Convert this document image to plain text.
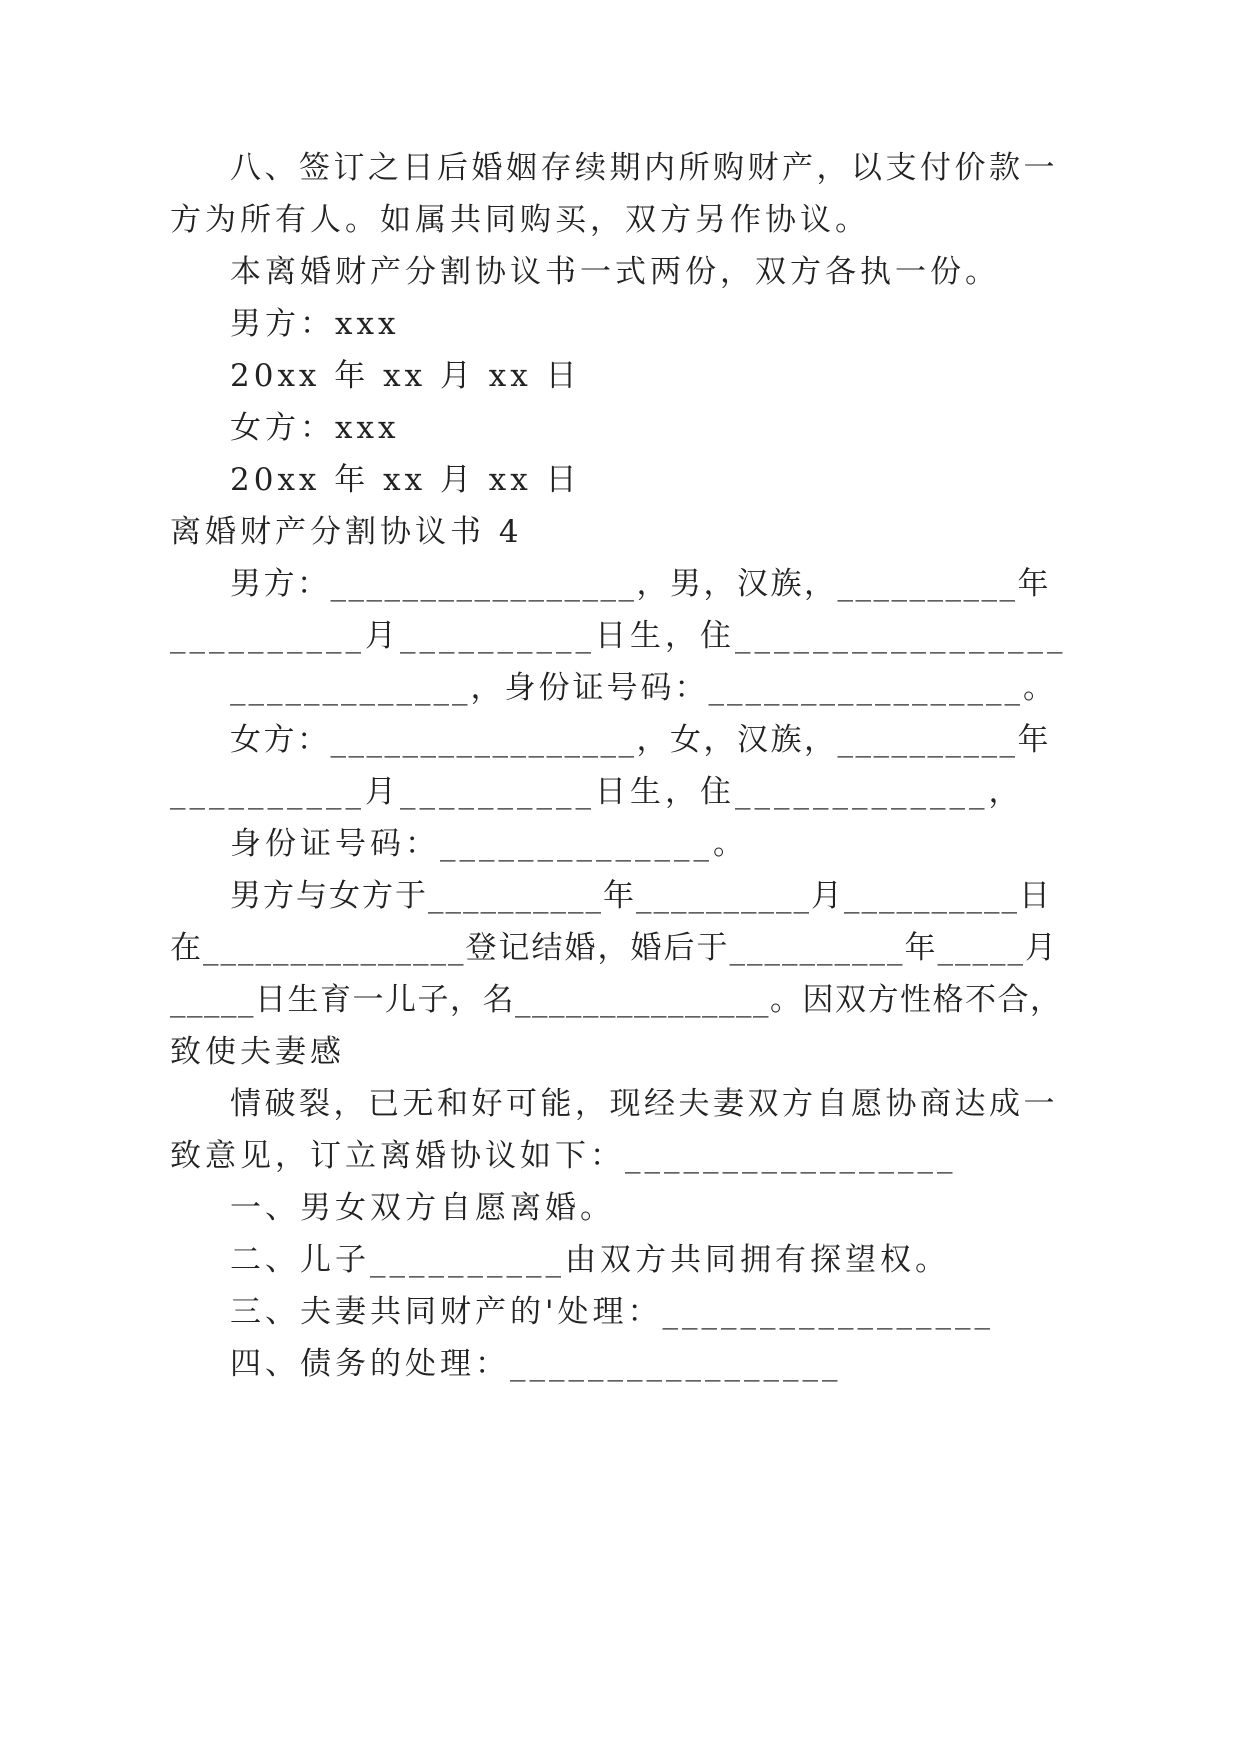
八、签订之日后婚姻存续期内所购财产，以支付价款一
方为所有人。如属共同购买，双方另作协议。
本离婚财产分割协议书一式两份，双方各执一份。
男方：xxx
20xx 年 xx 月 xx 日
女方：xxx
20xx 年 xx 月 xx 日
离婚财产分割协议书 4
男方：_________________，男，汉族，__________年
__________月__________日生，住_________________
_____________，身份证号码：_________________。
女方：_________________，女，汉族，__________年
__________月__________日生，住_____________，
身份证号码：______________。
男方与女方于__________年__________月__________日
在_______________登记结婚，婚后于__________年_____月
_____日生育一儿子，名_______________。因双方性格不合，
致使夫妻感
情破裂，已无和好可能，现经夫妻双方自愿协商达成一
致意见，订立离婚协议如下：_________________
一、男女双方自愿离婚。
二、儿子__________由双方共同拥有探望权。
三、夫妻共同财产的'处理：_________________
四、债务的处理：_________________
